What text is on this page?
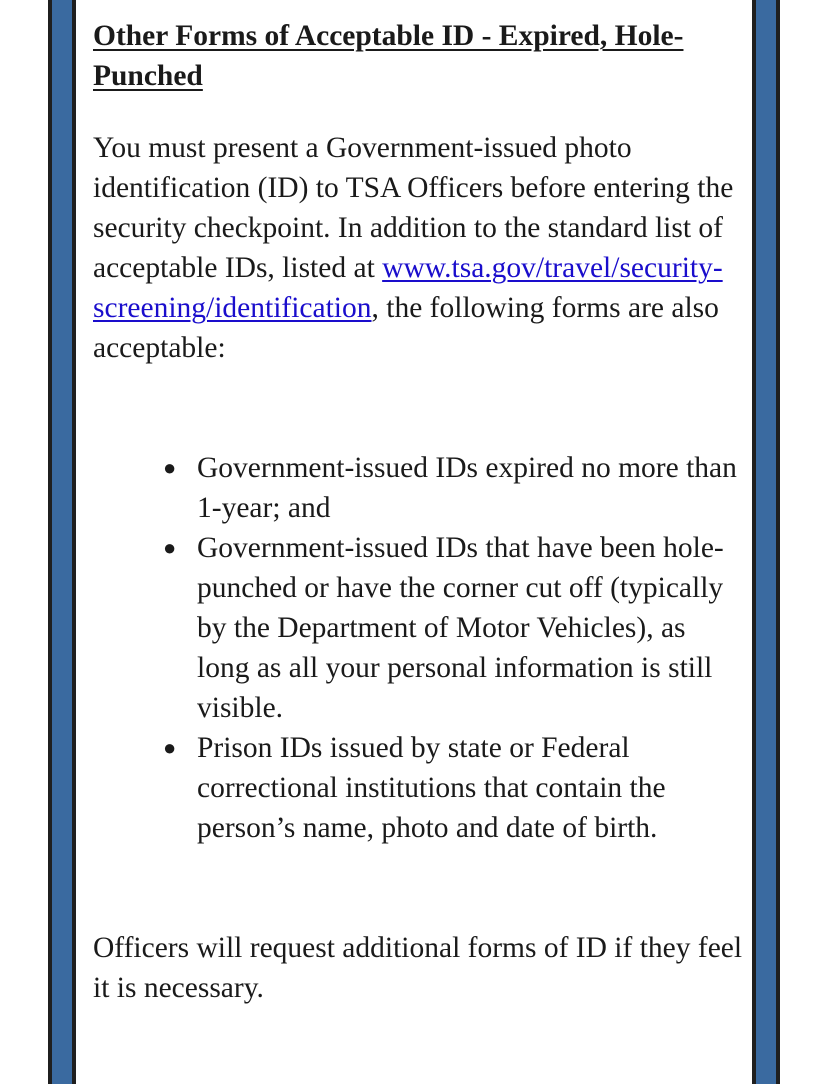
Other Forms of Acceptable ID - Expired, Hole-Punched

You must present a Government-issued photo identification (ID) to TSA Officers before entering the security checkpoint. In addition to the standard list of acceptable IDs, listed at www.tsa.gov/travel/security-screening/identification, the following forms are also acceptable:

● Government-issued IDs expired no more than 1-year; and
● Government-issued IDs that have been hole-punched or have the corner cut off (typically by the Department of Motor Vehicles), as long as all your personal information is still visible.
● Prison IDs issued by state or Federal correctional institutions that contain the person’s name, photo and date of birth.

Officers will request additional forms of ID if they feel it is necessary.
